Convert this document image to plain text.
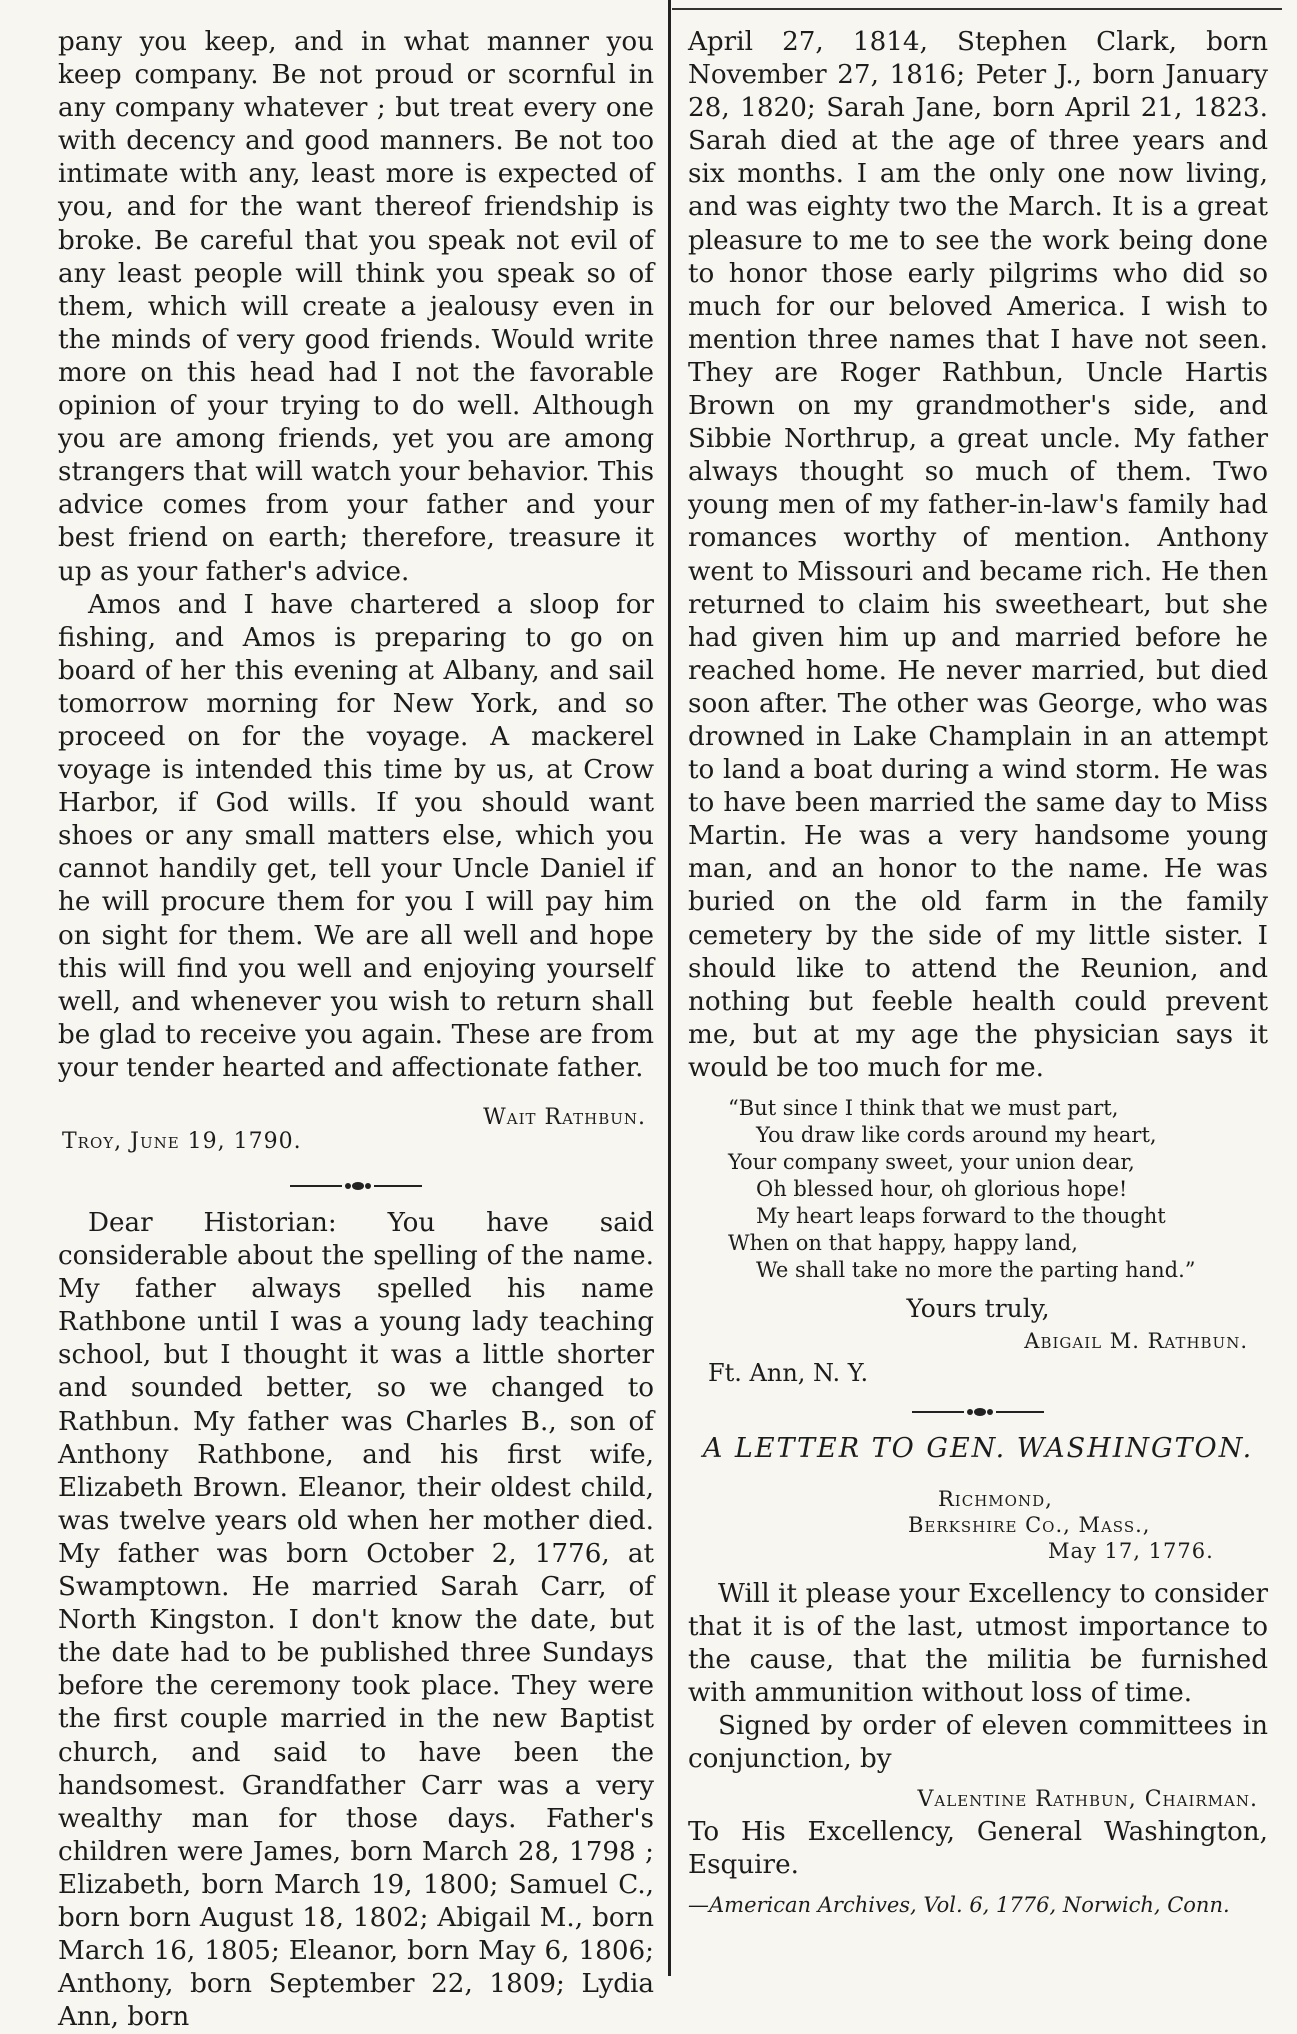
pany you keep, and in what manner you keep company. Be not proud or scornful in any company whatever ; but treat every one with decency and good manners. Be not too intimate with any, least more is expected of you, and for the want thereof friendship is broke. Be careful that you speak not evil of any least people will think you speak so of them, which will create a jealousy even in the minds of very good friends. Would write more on this head had I not the favorable opinion of your trying to do well. Although you are among friends, yet you are among strangers that will watch your behavior. This advice comes from your father and your best friend on earth; therefore, treasure it up as your father's advice.

Amos and I have chartered a sloop for fishing, and Amos is preparing to go on board of her this evening at Albany, and sail tomorrow morning for New York, and so proceed on for the voyage. A mackerel voyage is intended this time by us, at Crow Harbor, if God wills. If you should want shoes or any small matters else, which you cannot handily get, tell your Uncle Daniel if he will procure them for you I will pay him on sight for them. We are all well and hope this will find you well and enjoying yourself well, and whenever you wish to return shall be glad to receive you again. These are from your tender hearted and affectionate father.

Wait Rathbun.
Troy, June 19, 1790.

Dear Historian: You have said considerable about the spelling of the name. My father always spelled his name Rathbone until I was a young lady teaching school, but I thought it was a little shorter and sounded better, so we changed to Rathbun. My father was Charles B., son of Anthony Rathbone, and his first wife, Elizabeth Brown. Eleanor, their oldest child, was twelve years old when her mother died. My father was born October 2, 1776, at Swamptown. He married Sarah Carr, of North Kingston. I don't know the date, but the date had to be published three Sundays before the ceremony took place. They were the first couple married in the new Baptist church, and said to have been the handsomest. Grandfather Carr was a very wealthy man for those days. Father's children were James, born March 28, 1798 ; Elizabeth, born March 19, 1800; Samuel C., born born August 18, 1802; Abigail M., born March 16, 1805; Eleanor, born May 6, 1806; Anthony, born September 22, 1809; Lydia Ann, born

April 27, 1814, Stephen Clark, born November 27, 1816; Peter J., born January 28, 1820; Sarah Jane, born April 21, 1823. Sarah died at the age of three years and six months. I am the only one now living, and was eighty two the March. It is a great pleasure to me to see the work being done to honor those early pilgrims who did so much for our beloved America. I wish to mention three names that I have not seen. They are Roger Rathbun, Uncle Hartis Brown on my grandmother's side, and Sibbie Northrup, a great uncle. My father always thought so much of them. Two young men of my father-in-law's family had romances worthy of mention. Anthony went to Missouri and became rich. He then returned to claim his sweetheart, but she had given him up and married before he reached home. He never married, but died soon after. The other was George, who was drowned in Lake Champlain in an attempt to land a boat during a wind storm. He was to have been married the same day to Miss Martin. He was a very handsome young man, and an honor to the name. He was buried on the old farm in the family cemetery by the side of my little sister. I should like to attend the Reunion, and nothing but feeble health could prevent me, but at my age the physician says it would be too much for me.

“But since I think that we must part,
You draw like cords around my heart,
Your company sweet, your union dear,
Oh blessed hour, oh glorious hope!
My heart leaps forward to the thought
When on that happy, happy land,
We shall take no more the parting hand.”
Yours truly,
Abigail M. Rathbun.
Ft. Ann, N. Y.
A LETTER TO GEN. WASHINGTON.
Richmond,
Berkshire Co., Mass.,
May 17, 1776.

Will it please your Excellency to consider that it is of the last, utmost importance to the cause, that the militia be furnished with ammunition without loss of time.

Signed by order of eleven committees in conjunction, by

Valentine Rathbun, Chairman.

To His Excellency, General Washington, Esquire.

—American Archives, Vol. 6, 1776, Norwich, Conn.
